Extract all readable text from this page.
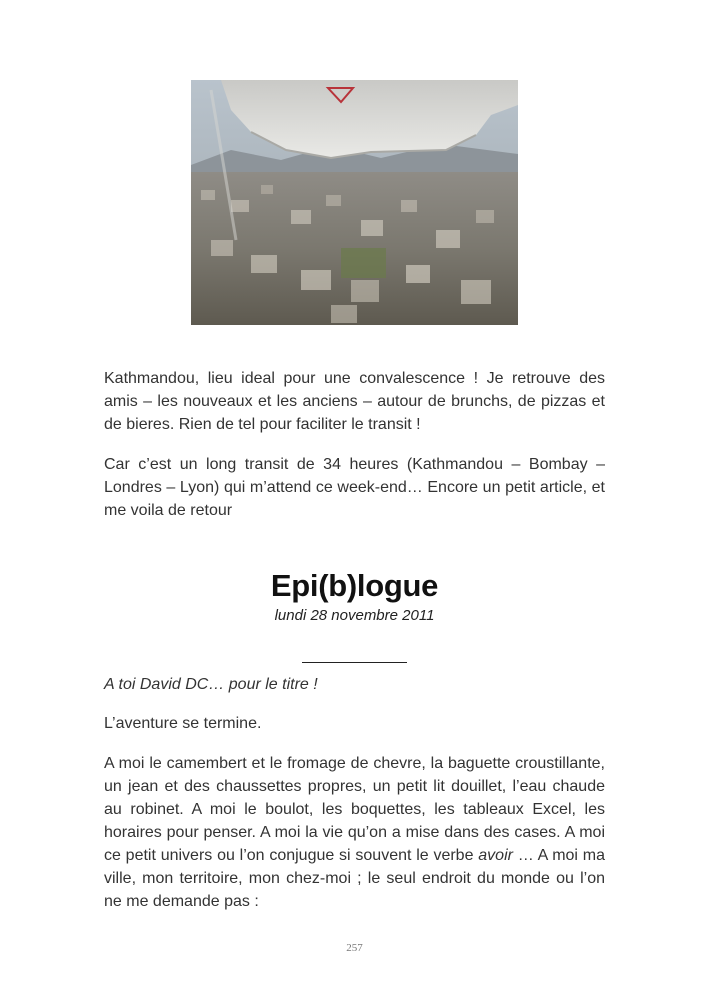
Kathmandou, lieu ideal pour une convalescence ! Je retrouve des amis – les nouveaux et les anciens – autour de brunchs, de pizzas et de bieres. Rien de tel pour faciliter le transit !

Car c’est un long transit de 34 heures (Kathmandou – Bombay – Londres – Lyon) qui m’attend ce week-end… Encore un petit article, et me voila de retour

Epi(b)logue
lundi 28 novembre 2011
A toi David DC… pour le titre !
L’aventure se termine.

A moi le camembert et le fromage de chevre, la baguette croustillante, un jean et des chaussettes propres, un petit lit douillet, l’eau chaude au robinet. A moi le boulot, les boquettes, les tableaux Excel, les horaires pour penser. A moi la vie qu’on a mise dans des cases. A moi ce petit univers ou l’on conjugue si souvent le verbe avoir … A moi ma ville, mon territoire, mon chez-moi ; le seul endroit du monde ou l’on ne me demande pas :

257
